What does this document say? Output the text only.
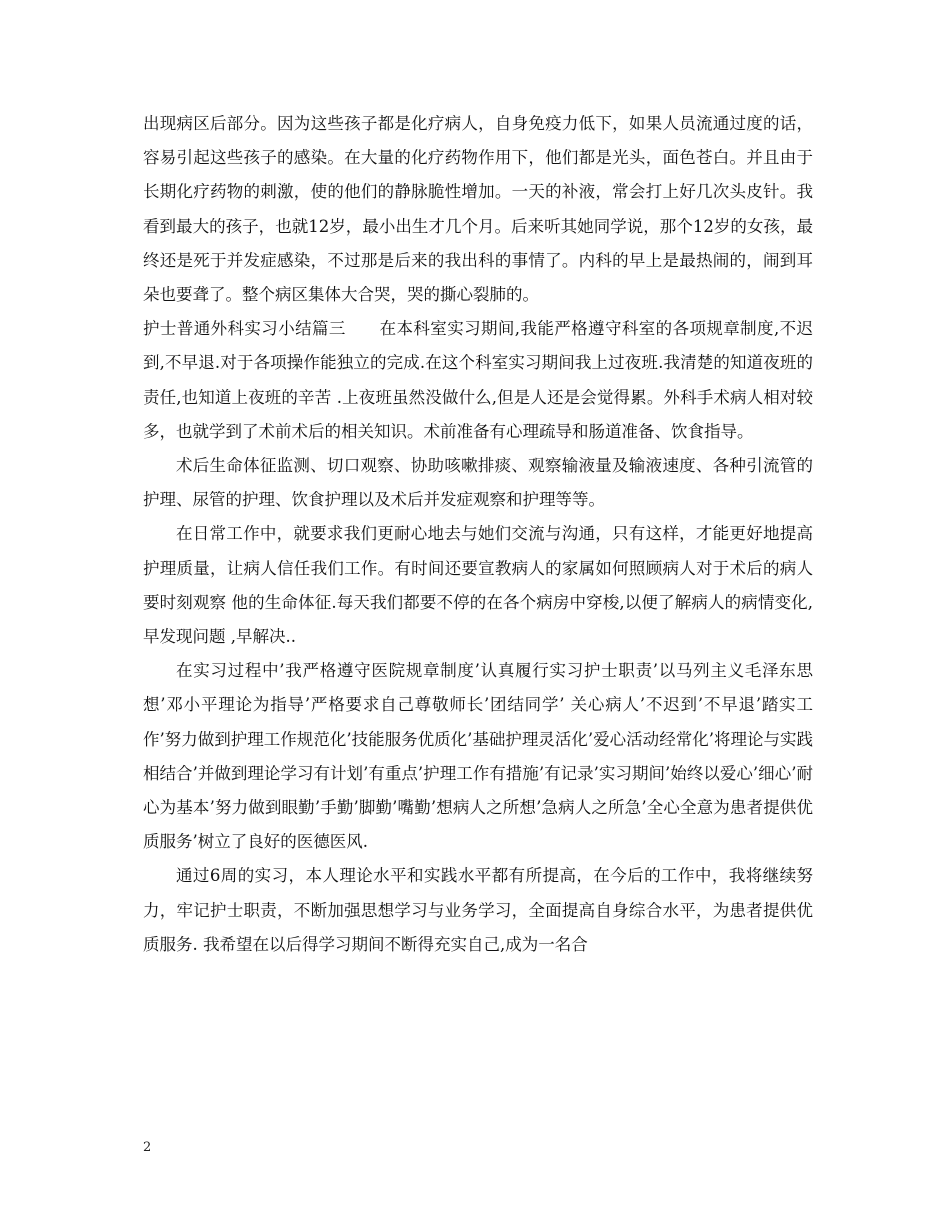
出现病区后部分。因为这些孩子都是化疗病人，自身免疫力低下，如果人员流通过度的话，容易引起这些孩子的感染。在大量的化疗药物作用下，他们都是光头，面色苍白。并且由于长期化疗药物的刺激，使的他们的静脉脆性增加。一天的补液，常会打上好几次头皮针。我看到最大的孩子，也就12岁，最小出生才几个月。后来听其她同学说，那个12岁的女孩，最终还是死于并发症感染，不过那是后来的我出科的事情了。内科的早上是最热闹的，闹到耳朵也要聋了。整个病区集体大合哭，哭的撕心裂肺的。

护士普通外科实习小结篇三　　在本科室实习期间,我能严格遵守科室的各项规章制度,不迟到,不早退.对于各项操作能独立的完成.在这个科室实习期间我上过夜班.我清楚的知道夜班的责任,也知道上夜班的辛苦 .上夜班虽然没做什么,但是人还是会觉得累。外科手术病人相对较多，也就学到了术前术后的相关知识。术前准备有心理疏导和肠道准备、饮食指导。

术后生命体征监测、切口观察、协助咳嗽排痰、观察输液量及输液速度、各种引流管的护理、尿管的护理、饮食护理以及术后并发症观察和护理等等。

在日常工作中，就要求我们更耐心地去与她们交流与沟通，只有这样，才能更好地提高护理质量，让病人信任我们工作。有时间还要宣教病人的家属如何照顾病人对于术后的病人要时刻观察 他的生命体征.每天我们都要不停的在各个病房中穿梭,以便了解病人的病情变化,早发现问题 ,早解决..

在实习过程中’我严格遵守医院规章制度’认真履行实习护士职责’以马列主义毛泽东思想’邓小平理论为指导’严格要求自己尊敬师长’团结同学’ 关心病人’不迟到’不早退’踏实工作’努力做到护理工作规范化’技能服务优质化’基础护理灵活化’爱心活动经常化’将理论与实践相结合’并做到理论学习有计划’有重点’护理工作有措施’有记录’实习期间’始终以爱心’细心’耐心为基本’努力做到眼勤’手勤’脚勤’嘴勤’想病人之所想’急病人之所急’全心全意为患者提供优质服务’树立了良好的医德医风.

通过6周的实习，本人理论水平和实践水平都有所提高，在今后的工作中，我将继续努力，牢记护士职责，不断加强思想学习与业务学习，全面提高自身综合水平，为患者提供优质服务. 我希望在以后得学习期间不断得充实自己,成为一名合

2
